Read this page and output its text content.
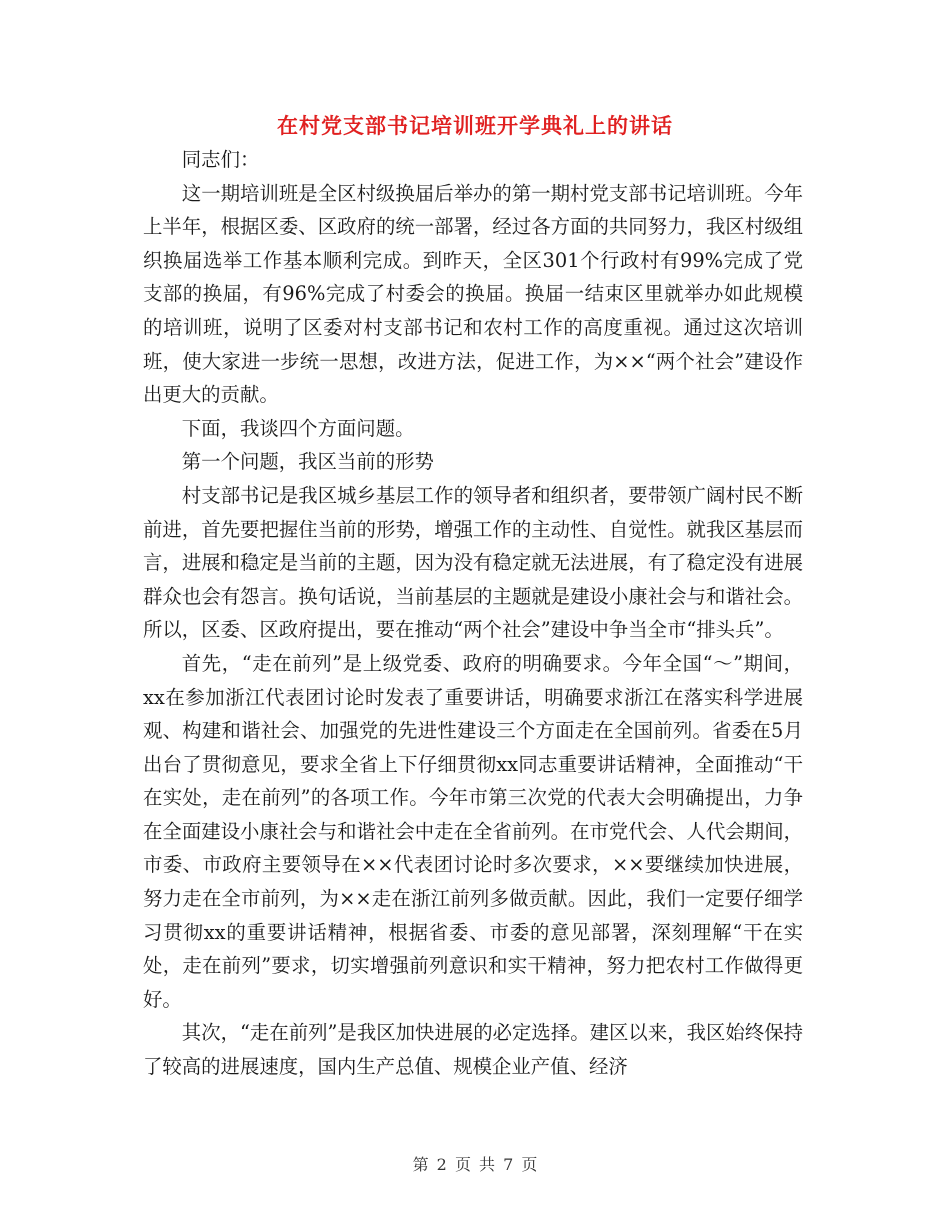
在村党支部书记培训班开学典礼上的讲话

同志们：

这一期培训班是全区村级换届后举办的第一期村党支部书记培训班。今年上半年，根据区委、区政府的统一部署，经过各方面的共同努力，我区村级组织换届选举工作基本顺利完成。到昨天，全区301个行政村有99%完成了党支部的换届，有96%完成了村委会的换届。换届一结束区里就举办如此规模的培训班，说明了区委对村支部书记和农村工作的高度重视。通过这次培训班，使大家进一步统一思想，改进方法，促进工作，为××“两个社会”建设作出更大的贡献。

下面，我谈四个方面问题。

第一个问题，我区当前的形势

村支部书记是我区城乡基层工作的领导者和组织者，要带领广阔村民不断前进，首先要把握住当前的形势，增强工作的主动性、自觉性。就我区基层而言，进展和稳定是当前的主题，因为没有稳定就无法进展，有了稳定没有进展群众也会有怨言。换句话说，当前基层的主题就是建设小康社会与和谐社会。所以，区委、区政府提出，要在推动“两个社会”建设中争当全市“排头兵”。

首先，“走在前列”是上级党委、政府的明确要求。今年全国“～”期间，xx在参加浙江代表团讨论时发表了重要讲话，明确要求浙江在落实科学进展观、构建和谐社会、加强党的先进性建设三个方面走在全国前列。省委在5月出台了贯彻意见，要求全省上下仔细贯彻xx同志重要讲话精神，全面推动“干在实处，走在前列”的各项工作。今年市第三次党的代表大会明确提出，力争在全面建设小康社会与和谐社会中走在全省前列。在市党代会、人代会期间，市委、市政府主要领导在××代表团讨论时多次要求，××要继续加快进展，努力走在全市前列，为××走在浙江前列多做贡献。因此，我们一定要仔细学习贯彻xx的重要讲话精神，根据省委、市委的意见部署，深刻理解“干在实处，走在前列”要求，切实增强前列意识和实干精神，努力把农村工作做得更好。

其次，“走在前列”是我区加快进展的必定选择。建区以来，我区始终保持了较高的进展速度，国内生产总值、规模企业产值、经济

第 2 页 共 7 页
